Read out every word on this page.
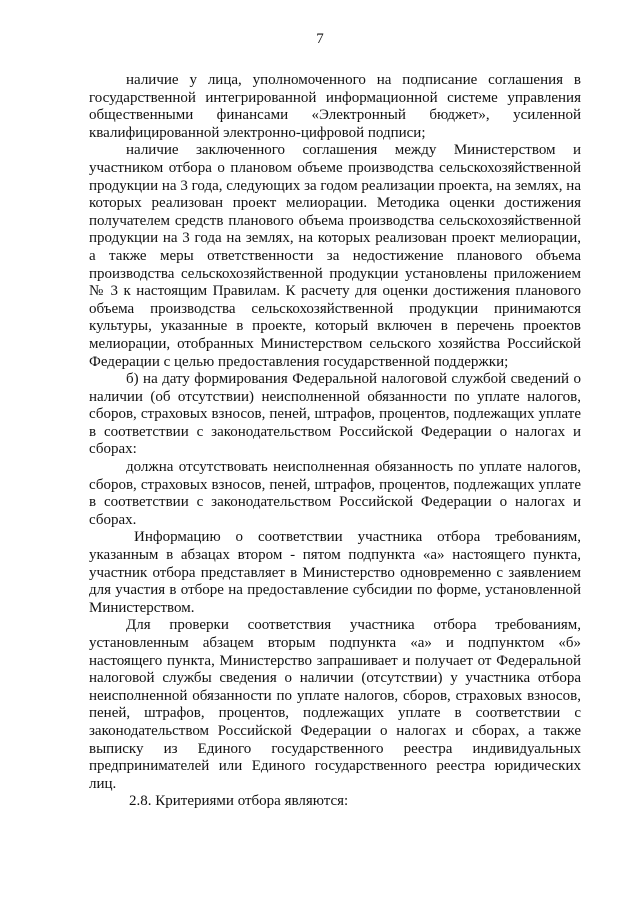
7

наличие у лица, уполномоченного на подписание соглашения в государственной интегрированной информационной системе управления общественными финансами «Электронный бюджет», усиленной квалифицированной электронно-цифровой подписи;

наличие заключенного соглашения между Министерством и участником отбора о плановом объеме производства сельскохозяйственной продукции на 3 года, следующих за годом реализации проекта, на землях, на которых реализован проект мелиорации. Методика оценки достижения получателем средств планового объема производства сельскохозяйственной продукции на 3 года на землях, на которых реализован проект мелиорации, а также меры ответственности за недостижение планового объема производства сельскохозяйственной продукции установлены приложением № 3 к настоящим Правилам. К расчету для оценки достижения планового объема производства сельскохозяйственной продукции принимаются культуры, указанные в проекте, который включен в перечень проектов мелиорации, отобранных Министерством сельского хозяйства Российской Федерации с целью предоставления государственной поддержки;

б) на дату формирования Федеральной налоговой службой сведений о наличии (об отсутствии) неисполненной обязанности по уплате налогов, сборов, страховых взносов, пеней, штрафов, процентов, подлежащих уплате в соответствии с законодательством Российской Федерации о налогах и сборах:

должна отсутствовать неисполненная обязанность по уплате налогов, сборов, страховых взносов, пеней, штрафов, процентов, подлежащих уплате в соответствии с законодательством Российской Федерации о налогах и сборах.

Информацию о соответствии участника отбора требованиям, указанным в абзацах втором - пятом подпункта «а» настоящего пункта, участник отбора представляет в Министерство одновременно с заявлением для участия в отборе на предоставление субсидии по форме, установленной Министерством.

Для проверки соответствия участника отбора требованиям, установленным абзацем вторым подпункта «а» и подпунктом «б» настоящего пункта, Министерство запрашивает и получает от Федеральной налоговой службы сведения о наличии (отсутствии) у участника отбора неисполненной обязанности по уплате налогов, сборов, страховых взносов, пеней, штрафов, процентов, подлежащих уплате в соответствии с законодательством Российской Федерации о налогах и сборах, а также выписку из Единого государственного реестра индивидуальных предпринимателей или Единого государственного реестра юридических лиц.

2.8. Критериями отбора являются:
